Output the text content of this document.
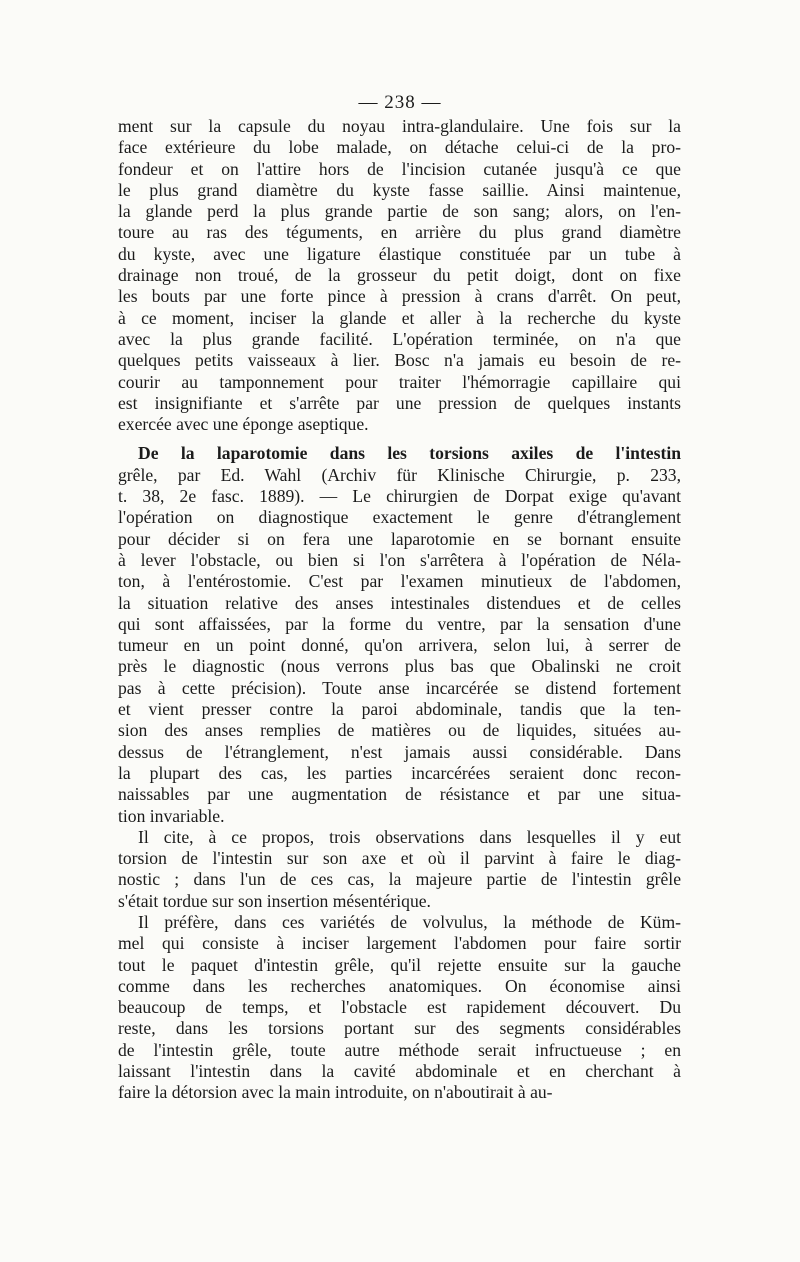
— 238 —
ment sur la capsule du noyau intra-glandulaire. Une fois sur la
face extérieure du lobe malade, on détache celui-ci de la pro-
fondeur et on l'attire hors de l'incision cutanée jusqu'à ce que
le plus grand diamètre du kyste fasse saillie. Ainsi maintenue,
la glande perd la plus grande partie de son sang; alors, on l'en-
toure au ras des téguments, en arrière du plus grand diamètre
du kyste, avec une ligature élastique constituée par un tube à
drainage non troué, de la grosseur du petit doigt, dont on fixe
les bouts par une forte pince à pression à crans d'arrêt. On peut,
à ce moment, inciser la glande et aller à la recherche du kyste
avec la plus grande facilité. L'opération terminée, on n'a que
quelques petits vaisseaux à lier. Bosc n'a jamais eu besoin de re-
courir au tamponnement pour traiter l'hémorragie capillaire qui
est insignifiante et s'arrête par une pression de quelques instants
exercée avec une éponge aseptique.
De la laparotomie dans les torsions axiles de l'intestin
grêle, par Ed. Wahl (Archiv für Klinische Chirurgie, p. 233,
t. 38, 2e fasc. 1889). — Le chirurgien de Dorpat exige qu'avant
l'opération on diagnostique exactement le genre d'étranglement
pour décider si on fera une laparotomie en se bornant ensuite
à lever l'obstacle, ou bien si l'on s'arrêtera à l'opération de Néla-
ton, à l'entérostomie. C'est par l'examen minutieux de l'abdomen,
la situation relative des anses intestinales distendues et de celles
qui sont affaissées, par la forme du ventre, par la sensation d'une
tumeur en un point donné, qu'on arrivera, selon lui, à serrer de
près le diagnostic (nous verrons plus bas que Obalinski ne croit
pas à cette précision). Toute anse incarcérée se distend fortement
et vient presser contre la paroi abdominale, tandis que la ten-
sion des anses remplies de matières ou de liquides, situées au-
dessus de l'étranglement, n'est jamais aussi considérable. Dans
la plupart des cas, les parties incarcérées seraient donc recon-
naissables par une augmentation de résistance et par une situa-
tion invariable.
Il cite, à ce propos, trois observations dans lesquelles il y eut
torsion de l'intestin sur son axe et où il parvint à faire le diag-
nostic ; dans l'un de ces cas, la majeure partie de l'intestin grêle
s'était tordue sur son insertion mésentérique.
Il préfère, dans ces variétés de volvulus, la méthode de Küm-
mel qui consiste à inciser largement l'abdomen pour faire sortir
tout le paquet d'intestin grêle, qu'il rejette ensuite sur la gauche
comme dans les recherches anatomiques. On économise ainsi
beaucoup de temps, et l'obstacle est rapidement découvert. Du
reste, dans les torsions portant sur des segments considérables
de l'intestin grêle, toute autre méthode serait infructueuse ; en
laissant l'intestin dans la cavité abdominale et en cherchant à
faire la détorsion avec la main introduite, on n'aboutirait à au-
